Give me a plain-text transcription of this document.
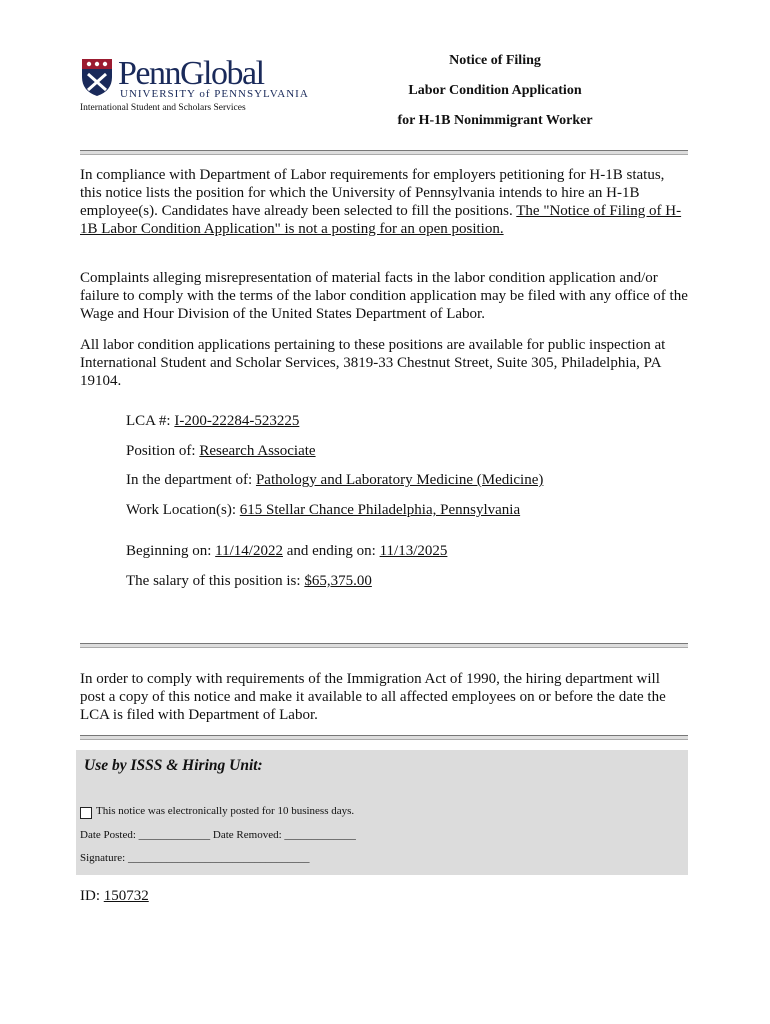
PennGlobal
UNIVERSITY of PENNSYLVANIA
International Student and Scholars Services
Notice of Filing
Labor Condition Application
for H-1B Nonimmigrant Worker

In compliance with Department of Labor requirements for employers petitioning for H-1B status, this notice lists the position for which the University of Pennsylvania intends to hire an H-1B employee(s). Candidates have already been selected to fill the positions. The "Notice of Filing of H-1B Labor Condition Application" is not a posting for an open position.

Complaints alleging misrepresentation of material facts in the labor condition application and/or failure to comply with the terms of the labor condition application may be filed with any office of the Wage and Hour Division of the United States Department of Labor.

All labor condition applications pertaining to these positions are available for public inspection at International Student and Scholar Services, 3819-33 Chestnut Street, Suite 305, Philadelphia, PA 19104.

LCA #: I-200-22284-523225
Position of: Research Associate
In the department of: Pathology and Laboratory Medicine (Medicine)
Work Location(s): 615 Stellar Chance Philadelphia, Pennsylvania
Beginning on: 11/14/2022 and ending on: 11/13/2025
The salary of this position is: $65,375.00

In order to comply with requirements of the Immigration Act of 1990, the hiring department will post a copy of this notice and make it available to all affected employees on or before the date the LCA is filed with Department of Labor.

Use by ISSS & Hiring Unit:
This notice was electronically posted for 10 business days.
Date Posted: _____________ Date Removed: _____________
Signature: _________________________________
ID: 150732
